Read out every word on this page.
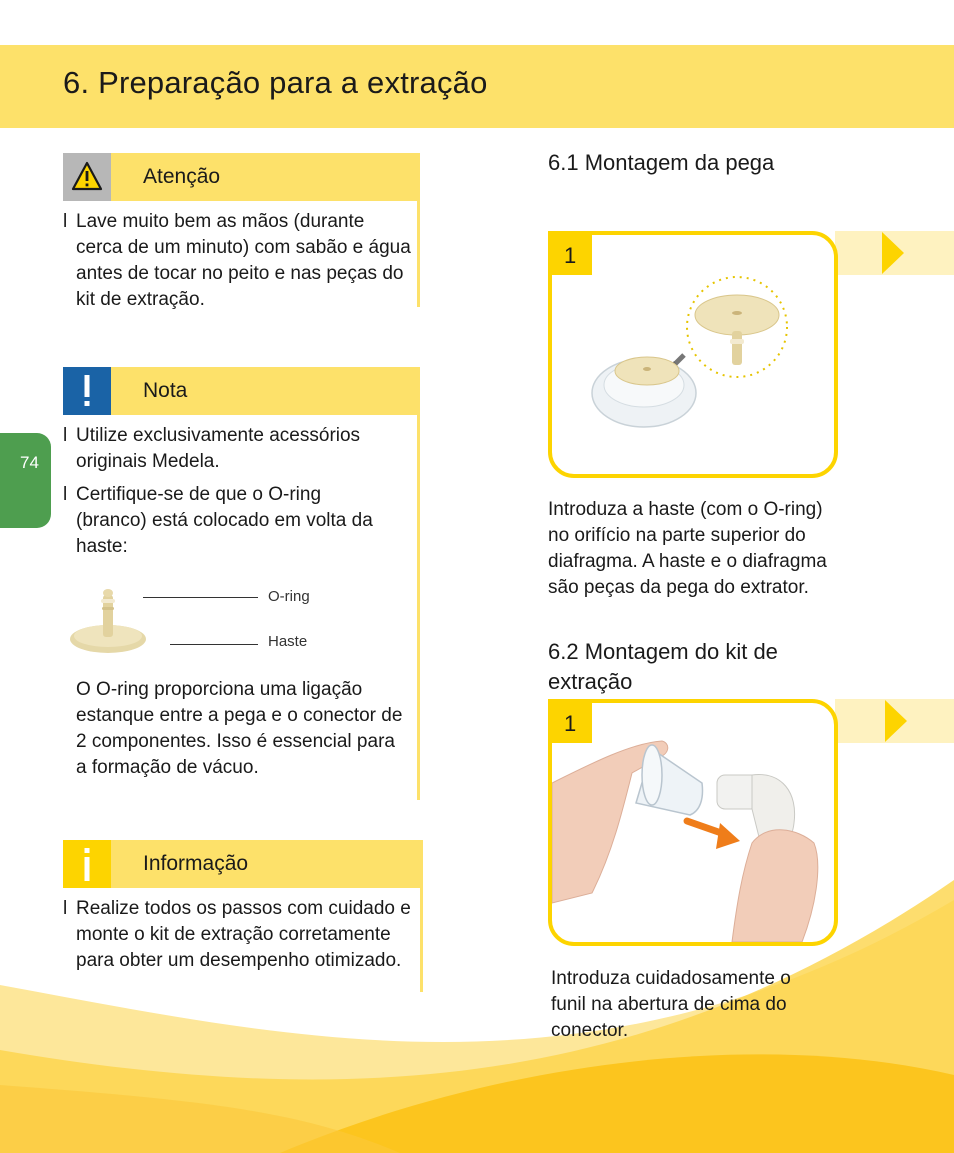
6. Preparação para a extração
74
Atenção
l Lave muito bem as mãos (durante cerca de um minuto) com sabão e água antes de tocar no peito e nas peças do kit de extração.
Nota
l Utilize exclusivamente acessórios originais Medela.
l Certifique-se de que o O-ring (branco) está colocado em volta da haste:
O-ring
Haste
O O-ring proporciona uma ligação estanque entre a pega e o conector de 2 componentes. Isso é essencial para a formação de vácuo.
Informação
l Realize todos os passos com cuidado e monte o kit de extração corretamente para obter um desempenho otimizado.
6.1 Montagem da pega
1
Introduza a haste (com o O-ring) no orifício na parte superior do diafragma. A haste e o diafragma são peças da pega do extrator.
6.2 Montagem do kit de extração
1
Introduza cuidadosamente o funil na abertura de cima do conector.
